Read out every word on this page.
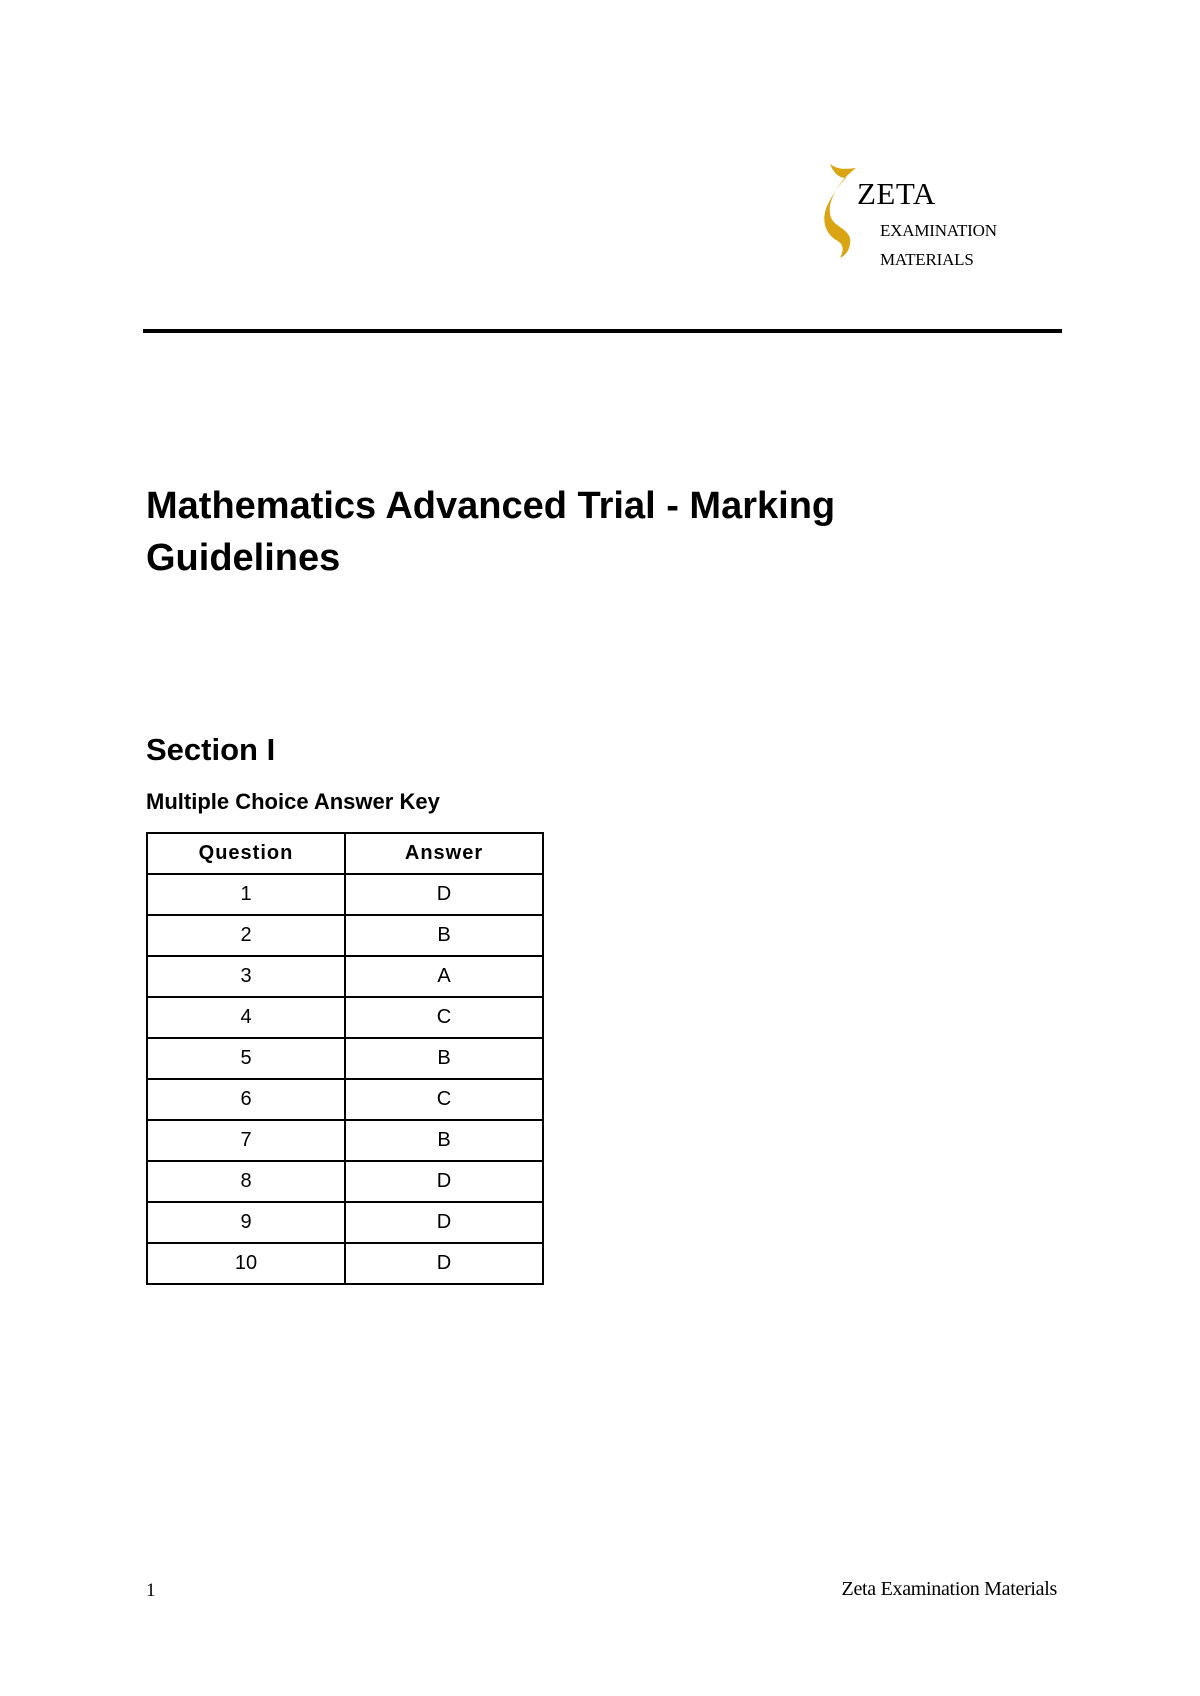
ZETA
EXAMINATION
MATERIALS
Mathematics Advanced Trial - Marking Guidelines
Section I
Multiple Choice Answer Key
Question	Answer
1	D
2	B
3	A
4	C
5	B
6	C
7	B
8	D
9	D
10	D
1	Zeta Examination Materials
